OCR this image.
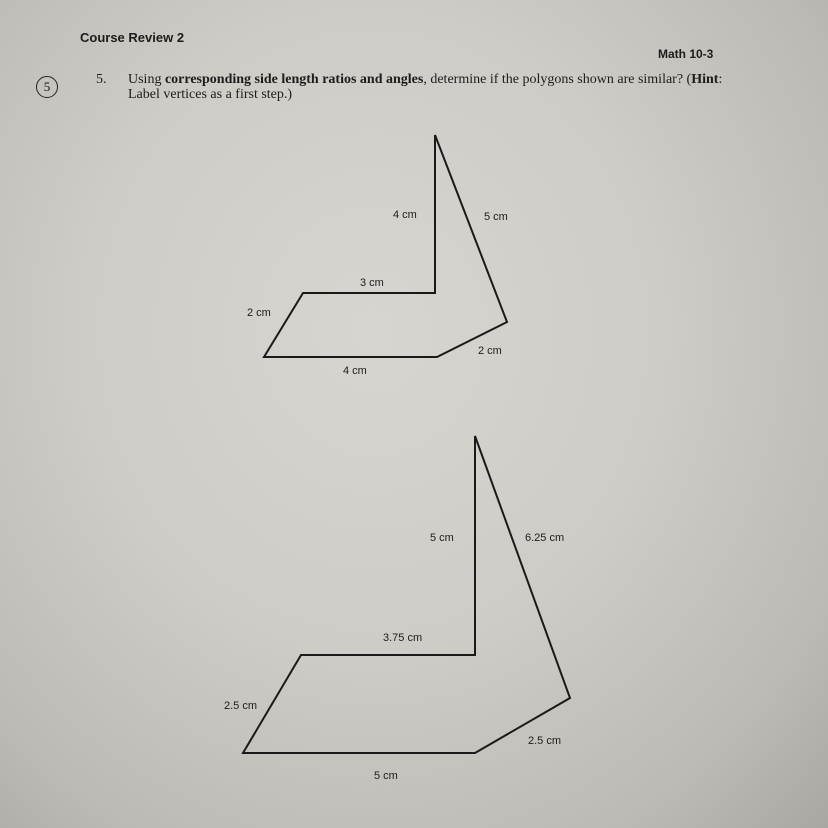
Course Review 2
Math 10-3
5	5. Using corresponding side length ratios and angles, determine if the polygons shown are similar? (Hint: Label vertices as a first step.)
4 cm	5 cm
3 cm
2 cm
2 cm
4 cm
5 cm	6.25 cm
3.75 cm
2.5 cm
2.5 cm
5 cm
